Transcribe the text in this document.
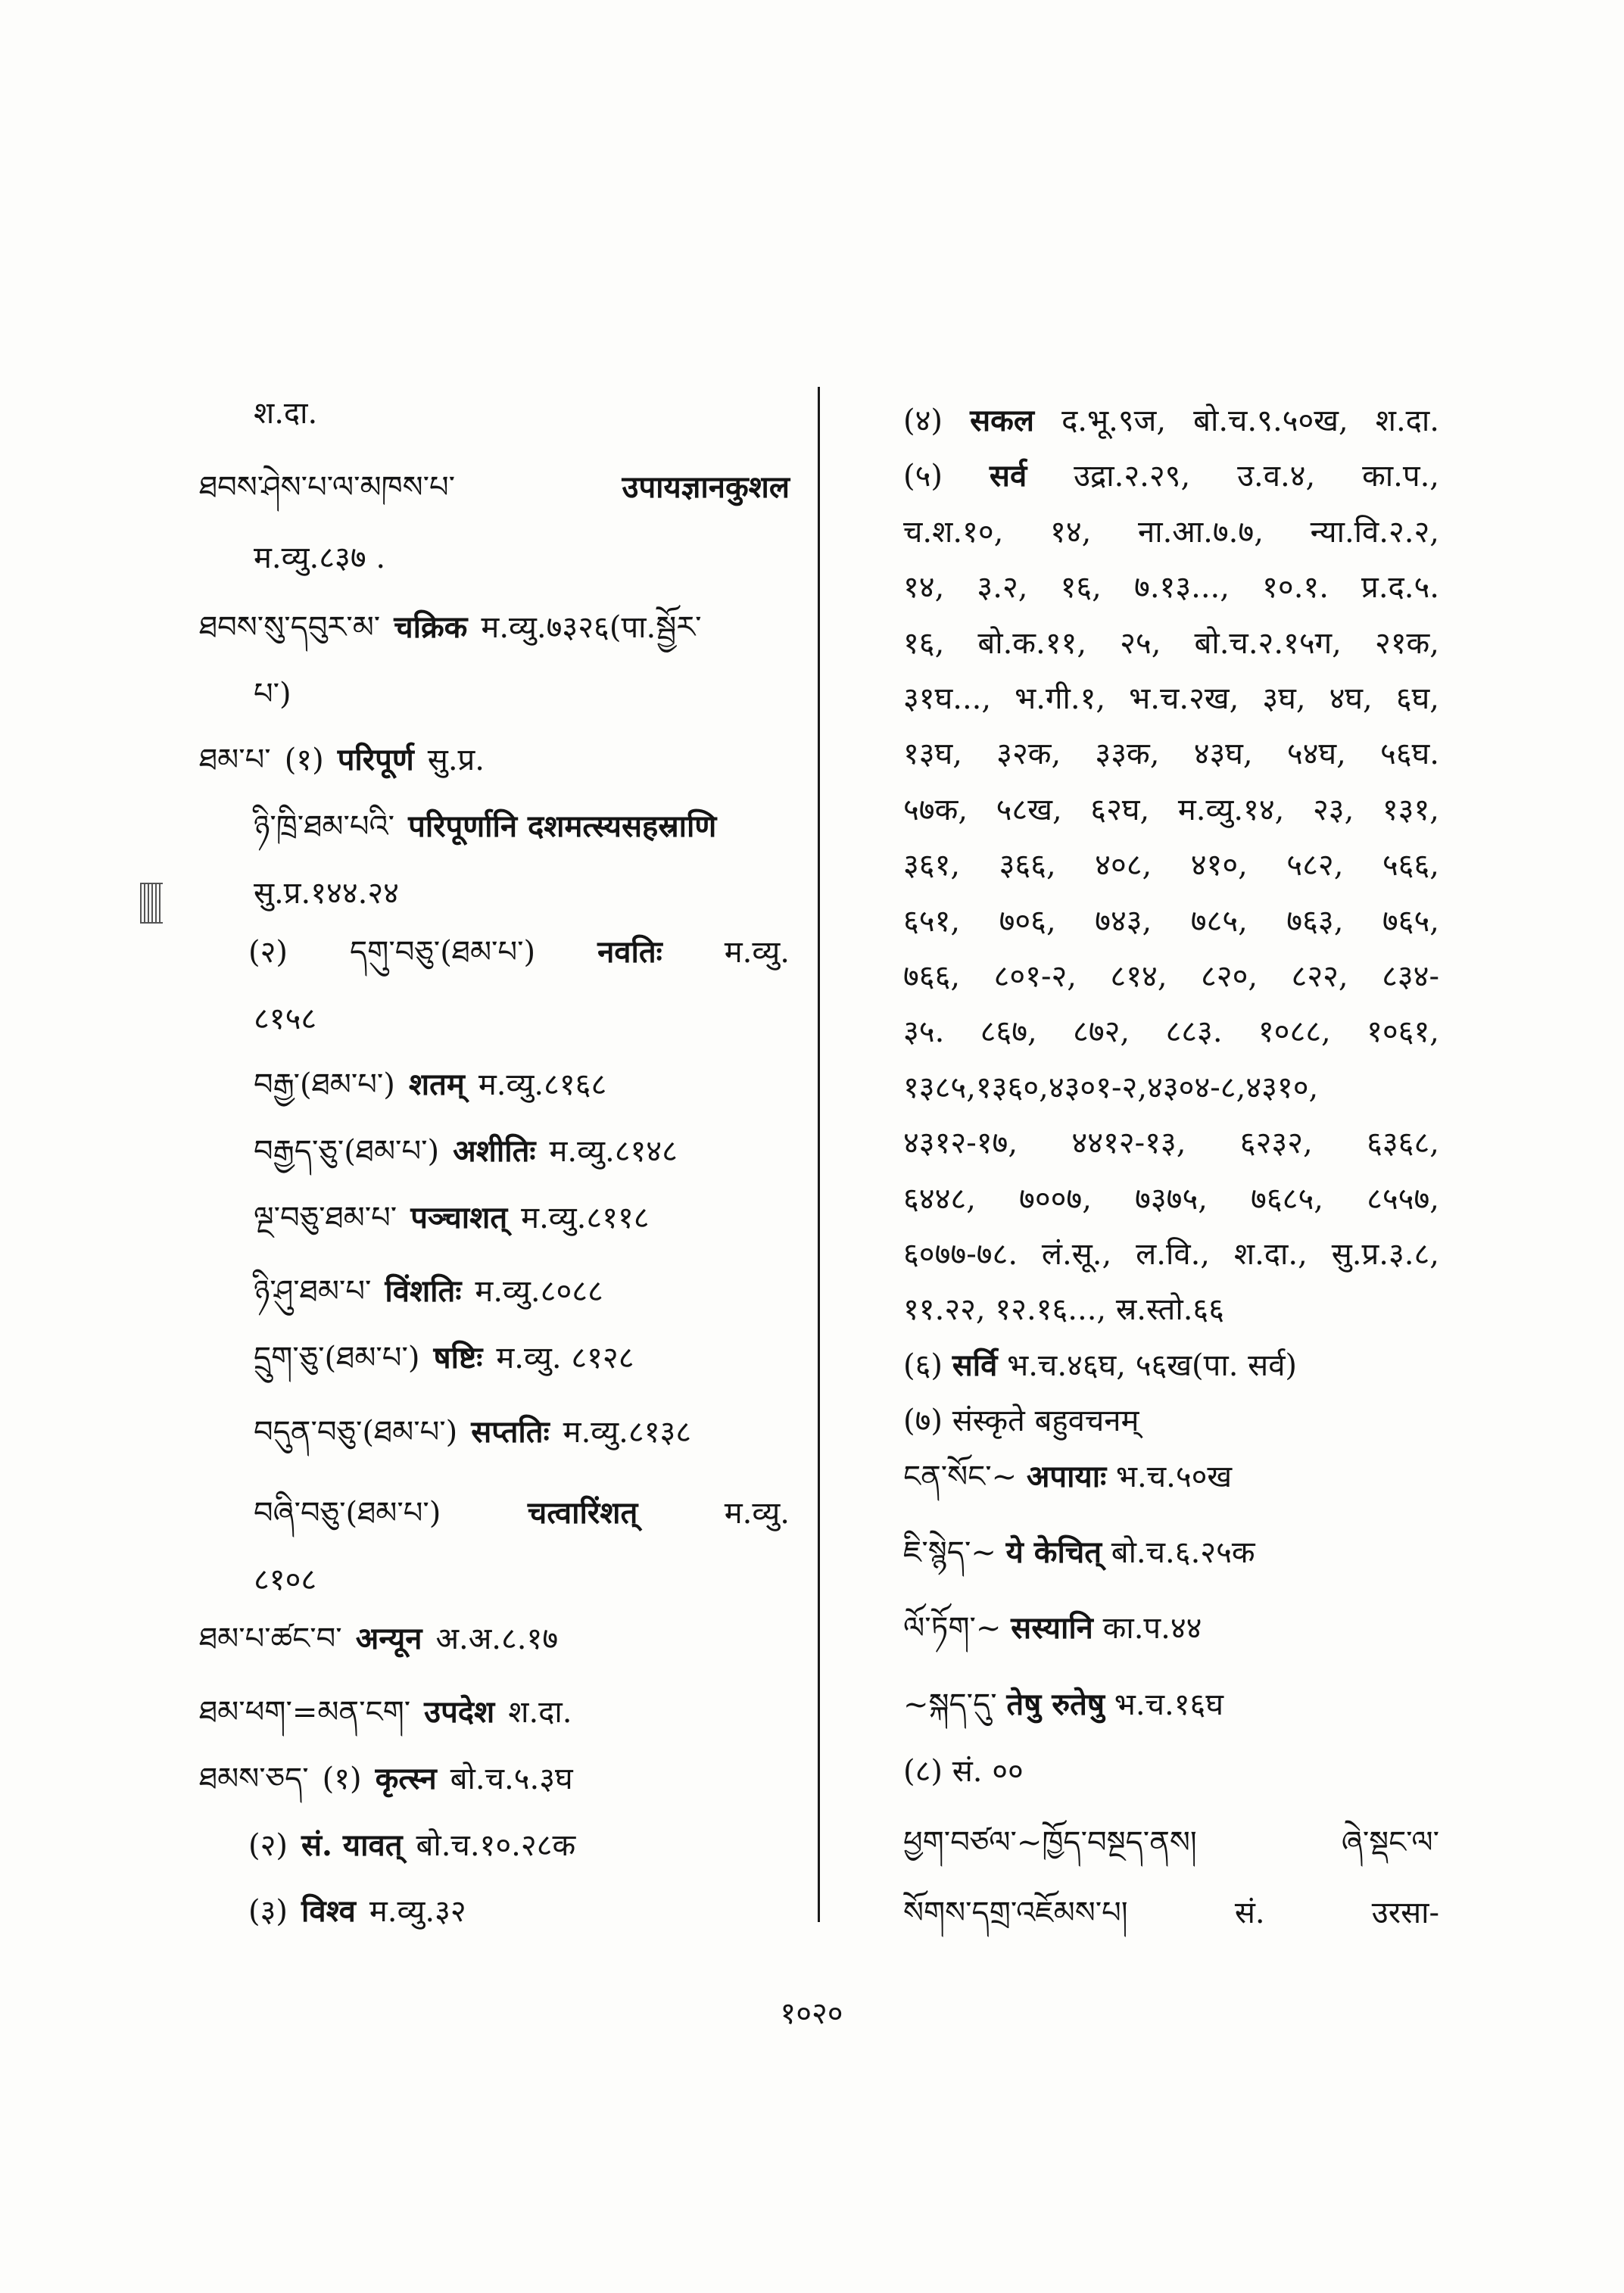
श.दा.
ཐབས་ཤེས་པ་ལ་མཁས་པ་	उपायज्ञानकुशल
म.व्यु.८३७ .
ཐབས་སུ་དབུར་མ་ चक्रिक म.व्यु.७३२६(पा.སྦྱོར་
པ་)
ཐམ་པ་ (१) परिपूर्ण सु.प्र.
ཉི་ཁྲི་ཐམ་པའི་ परिपूर्णानि दशमत्स्यसहस्राणि
सु.प्र.१४४.२४
(२) དགུ་བཅུ་(ཐམ་པ་) नवतिः म.व्यु.
८१५८
བརྒྱ་(ཐམ་པ་) शतम् म.व्यु.८१६८
བརྒྱད་ཅུ་(ཐམ་པ་) अशीतिः म.व्यु.८१४८
ལྔ་བཅུ་ཐམ་པ་ पञ्चाशत् म.व्यु.८११८
ཉི་ཤུ་ཐམ་པ་ विंशतिः म.व्यु.८०८८
དྲུག་ཅུ་(ཐམ་པ་) षष्टिः म.व्यु. ८१२८
བདུན་བཅུ་(ཐམ་པ་) सप्ततिः म.व्यु.८१३८
བཞི་བཅུ་(ཐམ་པ་)	चत्वारिंशत्	म.व्यु.
८१०८
ཐམ་པ་ཚང་བ་ अन्यून अ.अ.८.१७
ཐམ་ཕག་=མན་ངག་ उपदेश श.दा.
ཐམས་ཅད་ (१) कृत्स्न बो.च.५.३घ
(२) सं. यावत् बो.च.१०.२८क
(३) विश्व म.व्यु.३२
(४) सकल द.भू.९ज, बो.च.९.५०ख, श.दा.
(५) सर्व उद्रा.२.२९, उ.व.४, का.प.,
च.श.१०, १४, ना.आ.७.७, न्या.वि.२.२,
१४, ३.२, १६, ७.१३..., १०.१. प्र.द.५.
१६, बो.क.११, २५, बो.च.२.१५ग, २१क,
३१घ..., भ.गी.१, भ.च.२ख, ३घ, ४घ, ६घ,
१३घ, ३२क, ३३क, ४३घ, ५४घ, ५६घ.
५७क, ५८ख, ६२घ, म.व्यु.१४, २३, १३१,
३६१, ३६६, ४०८, ४१०, ५८२, ५६६,
६५१, ७०६, ७४३, ७८५, ७६३, ७६५,
७६६, ८०१-२, ८१४, ८२०, ८२२, ८३४-
३५. ८६७, ८७२, ८८३. १०८८, १०६१,
१३८५,१३६०,४३०१-२,४३०४-८,४३१०,
४३१२-१७, ४४१२-१३, ६२३२, ६३६८,
६४४८, ७००७, ७३७५, ७६८५, ८५५७,
६०७७-७८. लं.सू., ल.वि., श.दा., सु.प्र.३.८,
११.२२, १२.१६..., स्र.स्तो.६६
(६) सर्वि भ.च.४६घ, ५६ख(पा. सर्व)
(७) संस्कृते बहुवचनम्
ངན་སོང་~ अपायाः भ.च.५०ख
ཇི་སྙེད་~ ये केचित् बो.च.६.२५क
ལོ་ཏོག་~ सस्यानि का.प.४४
~སྐད་དུ་ तेषु रुतेषु भ.च.१६घ
(८) सं. ००
ཕྱག་བཙལ་~ཁྱོད་བསྔད་ནས།	ཞེ་སྡང་ལ་
སོགས་དགྲ་འཇོམས་པ།	सं.	उरसा-
१०२०
